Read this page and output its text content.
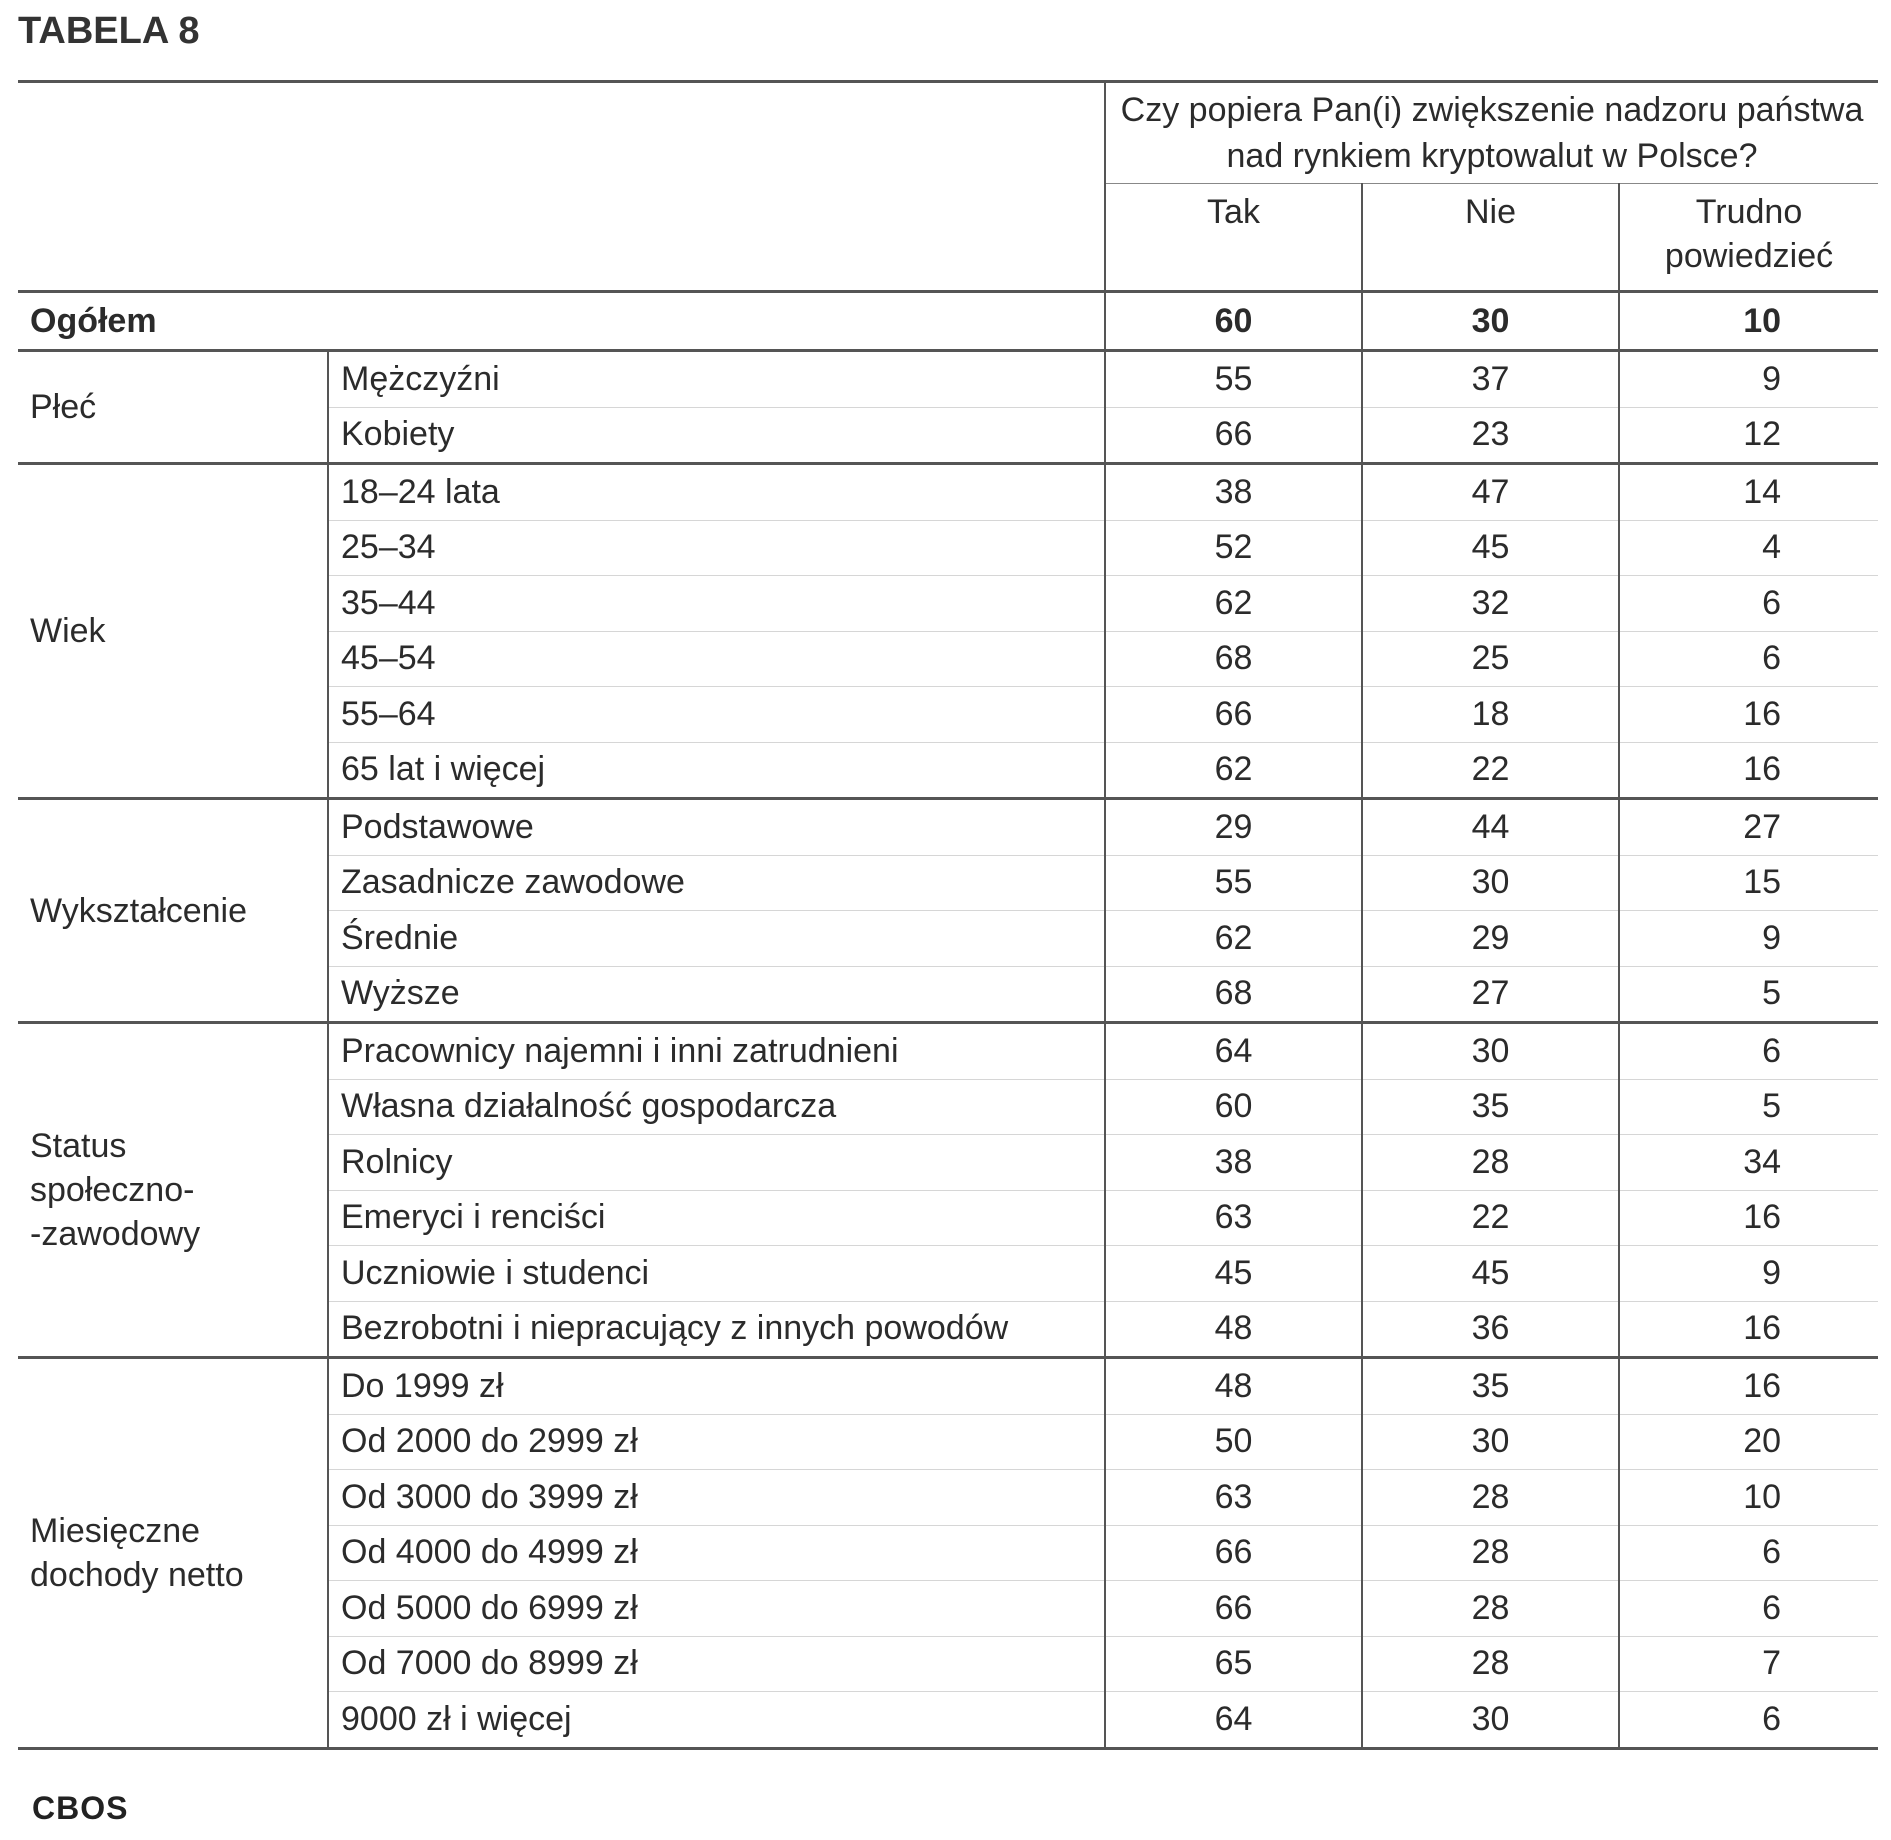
TABELA 8

		Czy popiera Pan(i) zwiększenie nadzoru państwa nad rynkiem kryptowalut w Polsce?		

		Tak	Nie	Trudno powiedzieć

Ogółem		60	30	10
Płeć	Mężczyźni	55	37	9
	Kobiety	66	23	12
Wiek	18–24 lata	38	47	14
	25–34	52	45	4
	35–44	62	32	6
	45–54	68	25	6
	55–64	66	18	16
	65 lat i więcej	62	22	16
Wykształcenie	Podstawowe	29	44	27
	Zasadnicze zawodowe	55	30	15
	Średnie	62	29	9
	Wyższe	68	27	5

Status
społeczno-
-zawodowy	Pracownicy najemni i inni zatrudnieni	64	30	6
	Własna działalność gospodarcza	60	35	5
	Rolnicy	38	28	34
	Emeryci i renciści	63	22	16
	Uczniowie i studenci	45	45	9
	Bezrobotni i niepracujący z innych powodów	48	36	16
Miesięczne dochody netto	Do 1999 zł	48	35	16
	Od 2000 do 2999 zł	50	30	20
	Od 3000 do 3999 zł	63	28	10
	Od 4000 do 4999 zł	66	28	6
	Od 5000 do 6999 zł	66	28	6
	Od 7000 do 8999 zł	65	28	7
	9000 zł i więcej	64	30	6
CBOS
